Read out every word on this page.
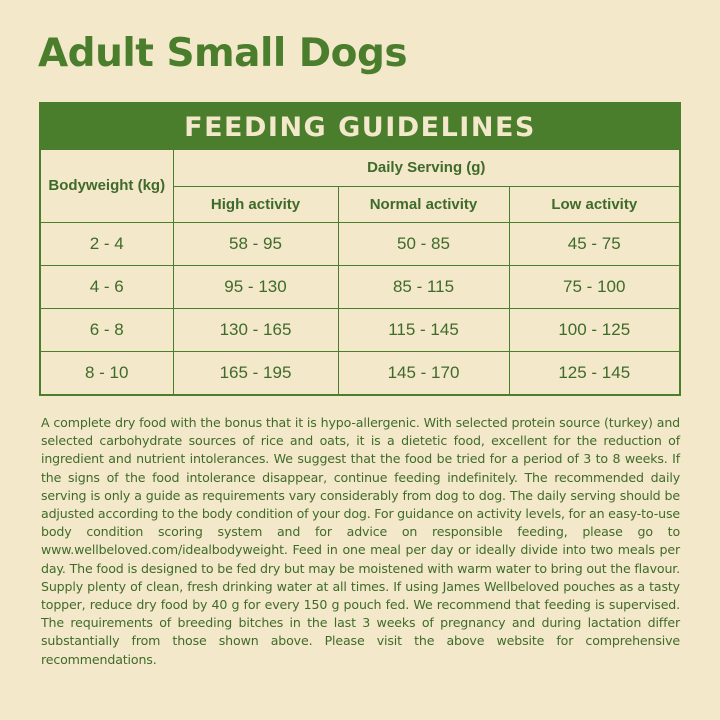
Adult Small Dogs
FEEDING GUIDELINES
Bodyweight (kg)	Daily Serving (g)		
	High activity	Normal activity	Low activity
2 - 4	58 - 95	50 - 85	45 - 75
4 - 6	95 - 130	85 - 115	75 - 100
6 - 8	130 - 165	115 - 145	100 - 125
8 - 10	165 - 195	145 - 170	125 - 145

A complete dry food with the bonus that it is hypo-allergenic. With selected protein source (turkey) and selected carbohydrate sources of rice and oats, it is a dietetic food, excellent for the reduction of ingredient and nutrient intolerances. We suggest that the food be tried for a period of 3 to 8 weeks. If the signs of the food intolerance disappear, continue feeding indefinitely. The recommended daily serving is only a guide as requirements vary considerably from dog to dog. The daily serving should be adjusted according to the body condition of your dog. For guidance on activity levels, for an easy-to-use body condition scoring system and for advice on responsible feeding, please go to www.wellbeloved.com/idealbodyweight. Feed in one meal per day or ideally divide into two meals per day. The food is designed to be fed dry but may be moistened with warm water to bring out the flavour. Supply plenty of clean, fresh drinking water at all times. If using James Wellbeloved pouches as a tasty topper, reduce dry food by 40 g for every 150 g pouch fed. We recommend that feeding is supervised. The requirements of breeding bitches in the last 3 weeks of pregnancy and during lactation differ substantially from those shown above. Please visit the above website for comprehensive recommendations.
